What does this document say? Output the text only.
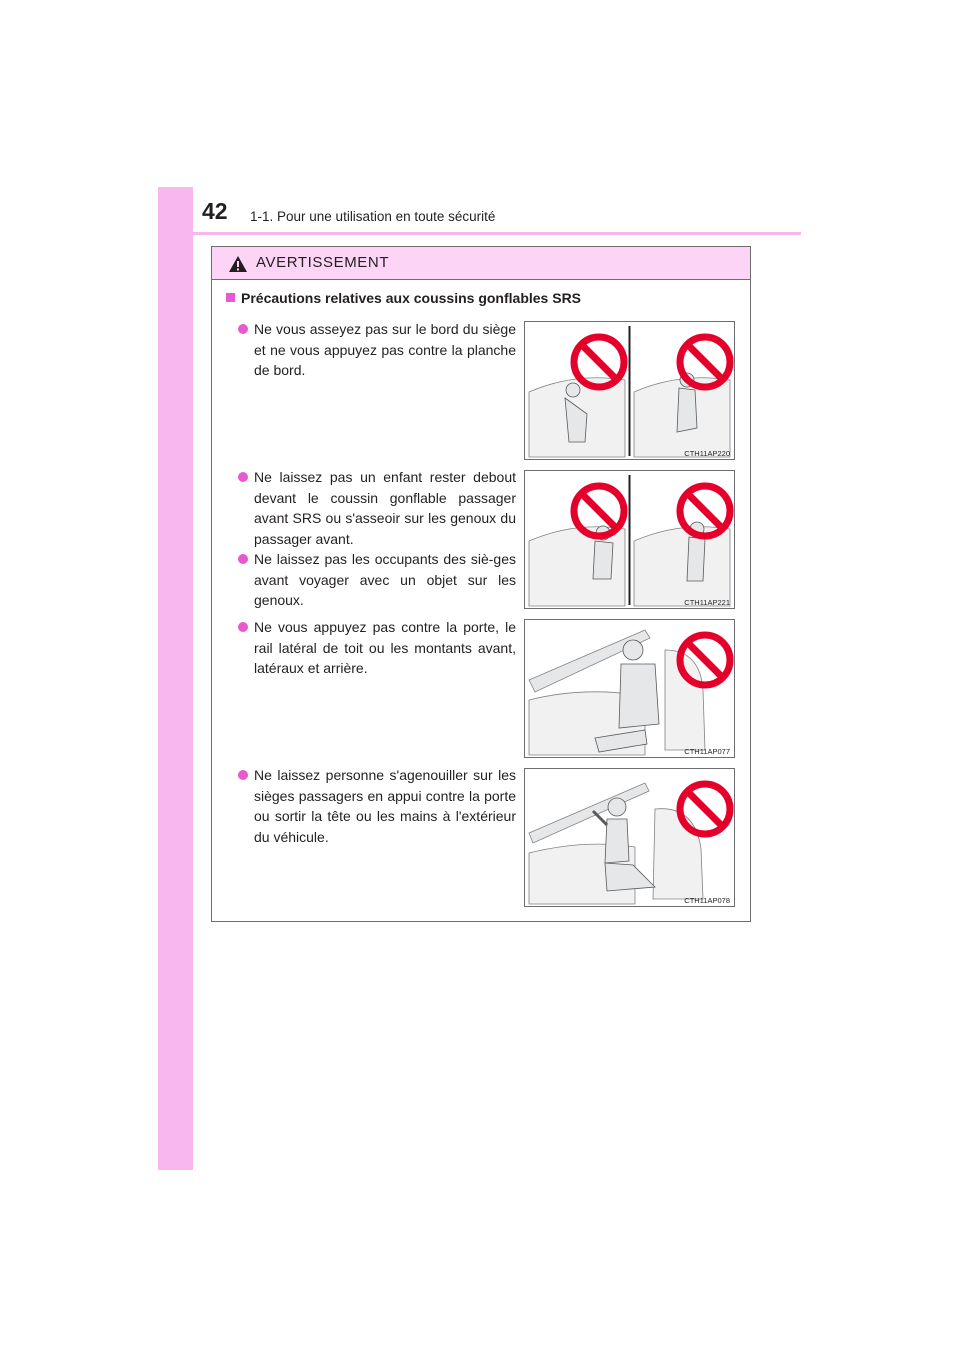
42 1-1. Pour une utilisation en toute sécurité
AVERTISSEMENT
Précautions relatives aux coussins gonflables SRS
Ne vous asseyez pas sur le bord du siège et ne vous appuyez pas contre la planche de bord.
Ne laissez pas un enfant rester debout devant le coussin gonflable passager avant SRS ou s'asseoir sur les genoux du passager avant.
Ne laissez pas les occupants des siè-ges avant voyager avec un objet sur les genoux.
Ne vous appuyez pas contre la porte, le rail latéral de toit ou les montants avant, latéraux et arrière.
Ne laissez personne s'agenouiller sur les sièges passagers en appui contre la porte ou sortir la tête ou les mains à l'extérieur du véhicule.
CTH11AP220
CTH11AP221
CTH11AP077
CTH11AP078
